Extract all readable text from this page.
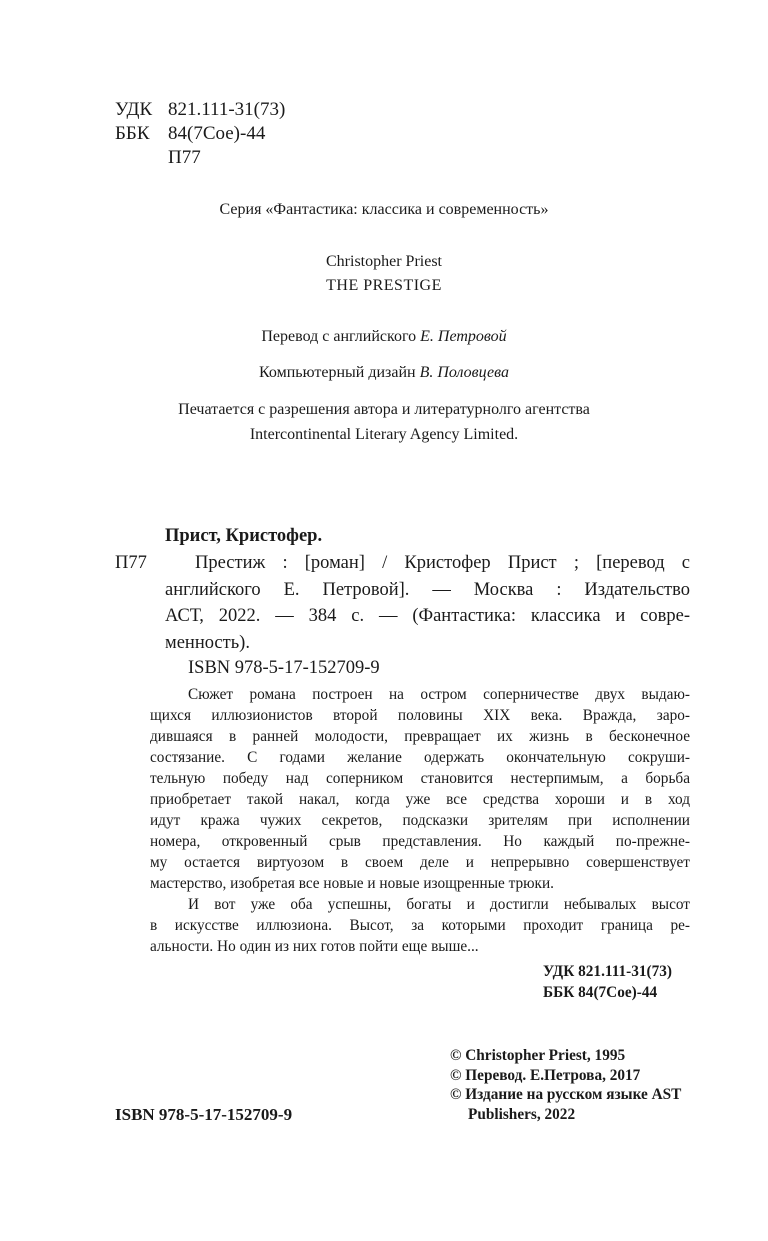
УДК 821.111-31(73)
ББК 84(7Сое)-44
П77
Серия «Фантастика: классика и современность»
Christopher Priest
THE PRESTIGE
Перевод с английского Е. Петровой
Компьютерный дизайн В. Половцева
Печатается с разрешения автора и литературнолго агентства
Intercontinental Literary Agency Limited.
Прист, Кристофер.
П77	Престиж : [роман] / Кристофер Прист ; [перевод с
английского Е. Петровой]. — Москва : Издательство
АСТ, 2022. — 384 с. — (Фантастика: классика и совре-
менность).
ISBN 978-5-17-152709-9
Сюжет романа построен на остром соперничестве двух выдаю-
щихся иллюзионистов второй половины XIX века. Вражда, заро-
дившаяся в ранней молодости, превращает их жизнь в бесконечное
состязание. С годами желание одержать окончательную сокруши-
тельную победу над соперником становится нестерпимым, а борьба
приобретает такой накал, когда уже все средства хороши и в ход
идут кража чужих секретов, подсказки зрителям при исполнении
номера, откровенный срыв представления. Но каждый по-прежне-
му остается виртуозом в своем деле и непрерывно совершенствует
мастерство, изобретая все новые и новые изощренные трюки.
И вот уже оба успешны, богаты и достигли небывалых высот
в искусстве иллюзиона. Высот, за которыми проходит граница ре-
альности. Но один из них готов пойти еще выше...
УДК 821.111-31(73)
ББК 84(7Сое)-44
© Christopher Priest, 1995
© Перевод. Е.Петрова, 2017
© Издание на русском языке AST
Publishers, 2022
ISBN 978-5-17-152709-9
